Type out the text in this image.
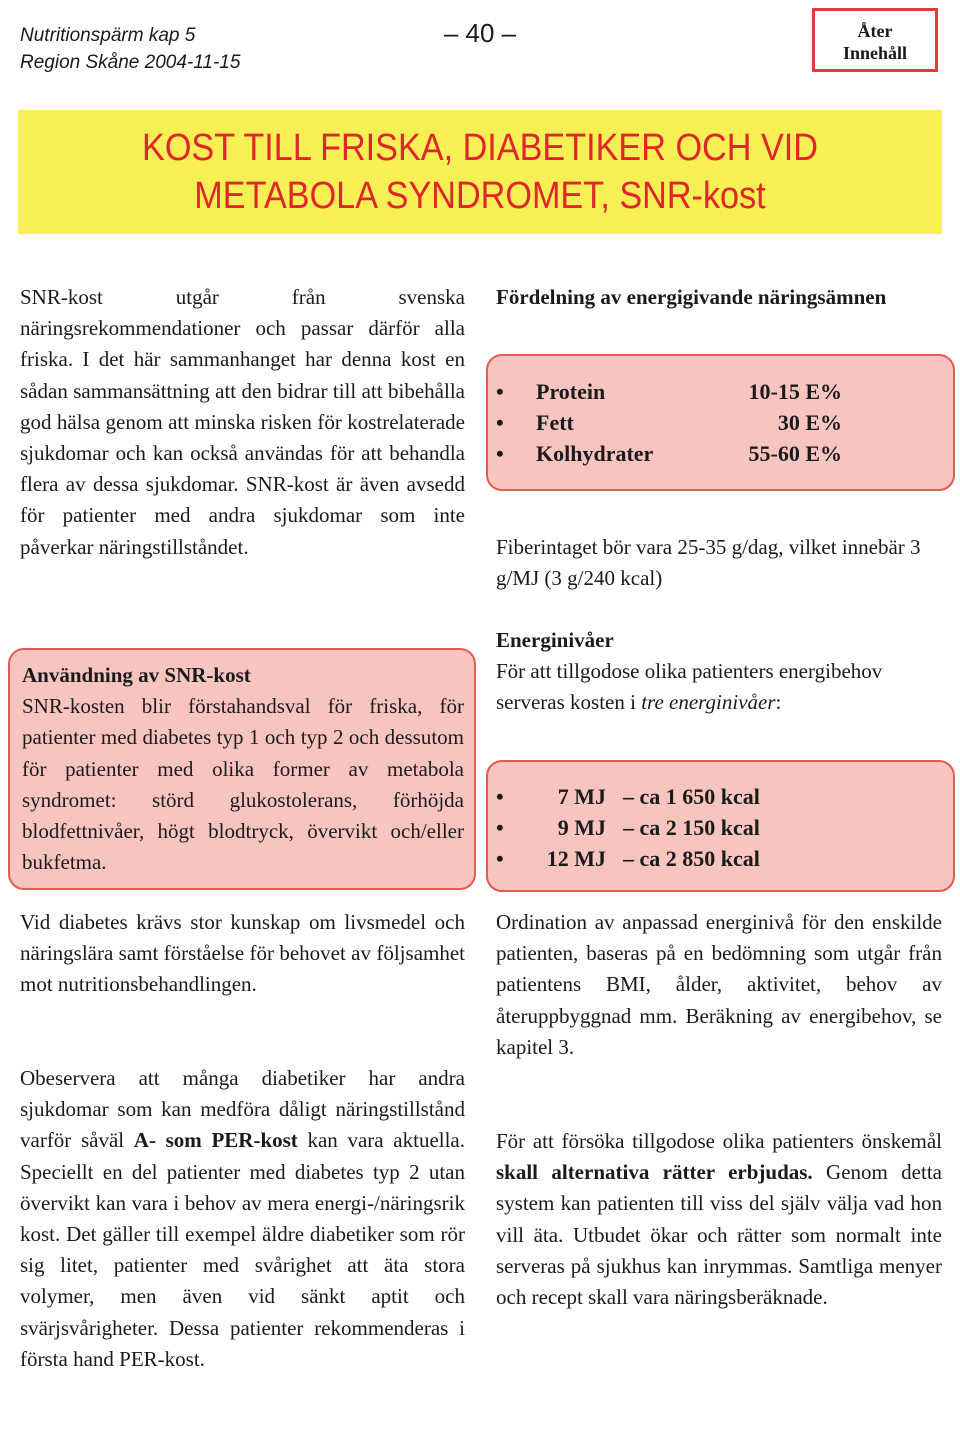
Nutritionspärm kap 5
Region Skåne 2004-11-15
– 40 –	Åter
Innehåll
KOST TILL FRISKA, DIABETIKER OCH VID
METABOLA SYNDROMET, SNR-kost

SNR-kost utgår från svenska näringsrekommendationer och passar därför alla friska. I det här sammanhanget har denna kost en sådan sammansättning att den bidrar till att bibehålla god hälsa genom att minska risken för kostrelaterade sjukdomar och kan också användas för att behandla flera av dessa sjukdomar. SNR-kost är även avsedd för patienter med andra sjukdomar som inte påverkar näringstillståndet.

Användning av SNR-kost

SNR-kosten blir förstahandsval för friska, för patienter med diabetes typ 1 och typ 2 och dessutom för patienter med olika former av metabola syndromet: störd glukostolerans, förhöjda blodfettnivåer, högt blodtryck, övervikt och/eller bukfetma.

Vid diabetes krävs stor kunskap om livsmedel och näringslära samt förståelse för behovet av följsamhet mot nutritionsbehandlingen.

Obeservera att många diabetiker har andra sjukdomar som kan medföra dåligt näringstillstånd varför såväl A- som PER-kost kan vara aktuella. Speciellt en del patienter med diabetes typ 2 utan övervikt kan vara i behov av mera energi-/näringsrik kost. Det gäller till exempel äldre diabetiker som rör sig litet, patienter med svårighet att äta stora volymer, men även vid sänkt aptit och svärjsvårigheter. Dessa patienter rekommenderas i första hand PER-kost.

Fördelning av energigivande näringsämnen

•	Protein	10-15 E%
•	Fett	30 E%
•	Kolhydrater	55-60 E%

Fiberintaget bör vara 25-35 g/dag, vilket innebär 3 g/MJ (3 g/240 kcal)

Energinivåer

För att tillgodose olika patienters energibehov serveras kosten i tre energinivåer:

•	7 MJ – ca 1 650 kcal
•	9 MJ – ca 2 150 kcal
•	12 MJ – ca 2 850 kcal

Ordination av anpassad energinivå för den enskilde patienten, baseras på en bedömning som utgår från patientens BMI, ålder, aktivitet, behov av återuppbyggnad mm. Beräkning av energibehov, se kapitel 3.

För att försöka tillgodose olika patienters önskemål skall alternativa rätter erbjudas. Genom detta system kan patienten till viss del själv välja vad hon vill äta. Utbudet ökar och rätter som normalt inte serveras på sjukhus kan inrymmas. Samtliga menyer och recept skall vara näringsberäknade.
